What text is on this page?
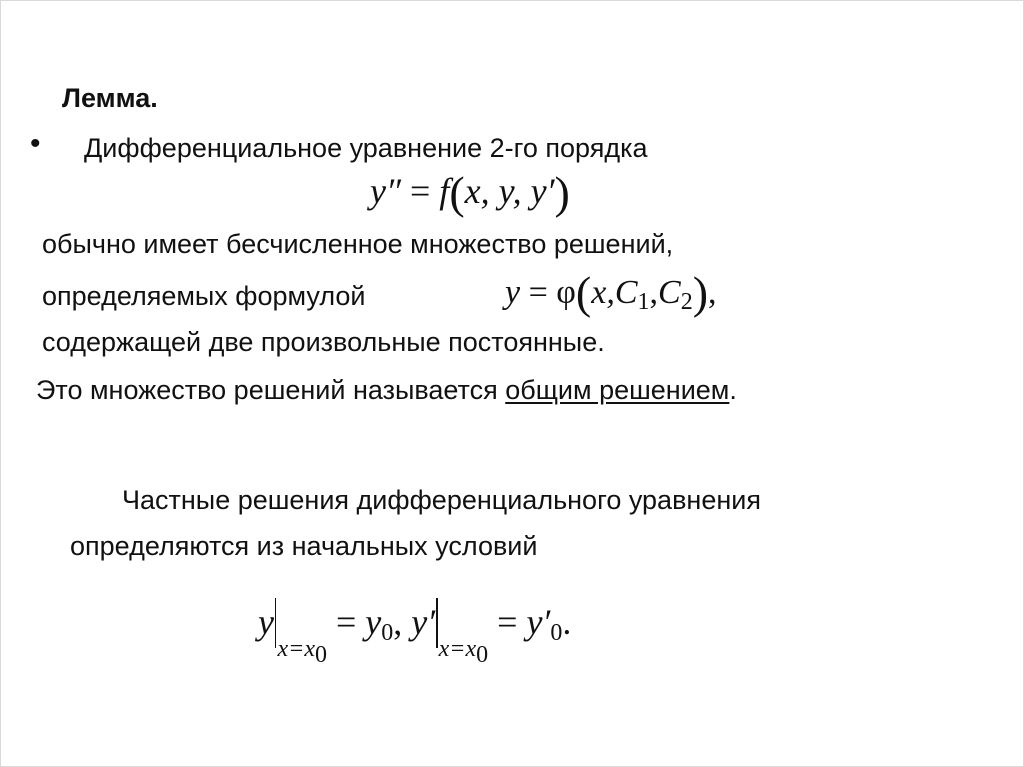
Лемма.
• Дифференциальное уравнение 2-го порядка
y″ = f(x, y, y′)
обычно имеет бесчисленное множество решений,
определяемых формулой	$y = \varphi(x,C_1,C_2)$,
содержащей две произвольные постоянные.
Это множество решений называется общим решением.
Частные решения дифференциального уравнения
определяются из начальных условий
$y_{x=x_0} = y_0$, $y'_{x=x_0} = y'_0$.
